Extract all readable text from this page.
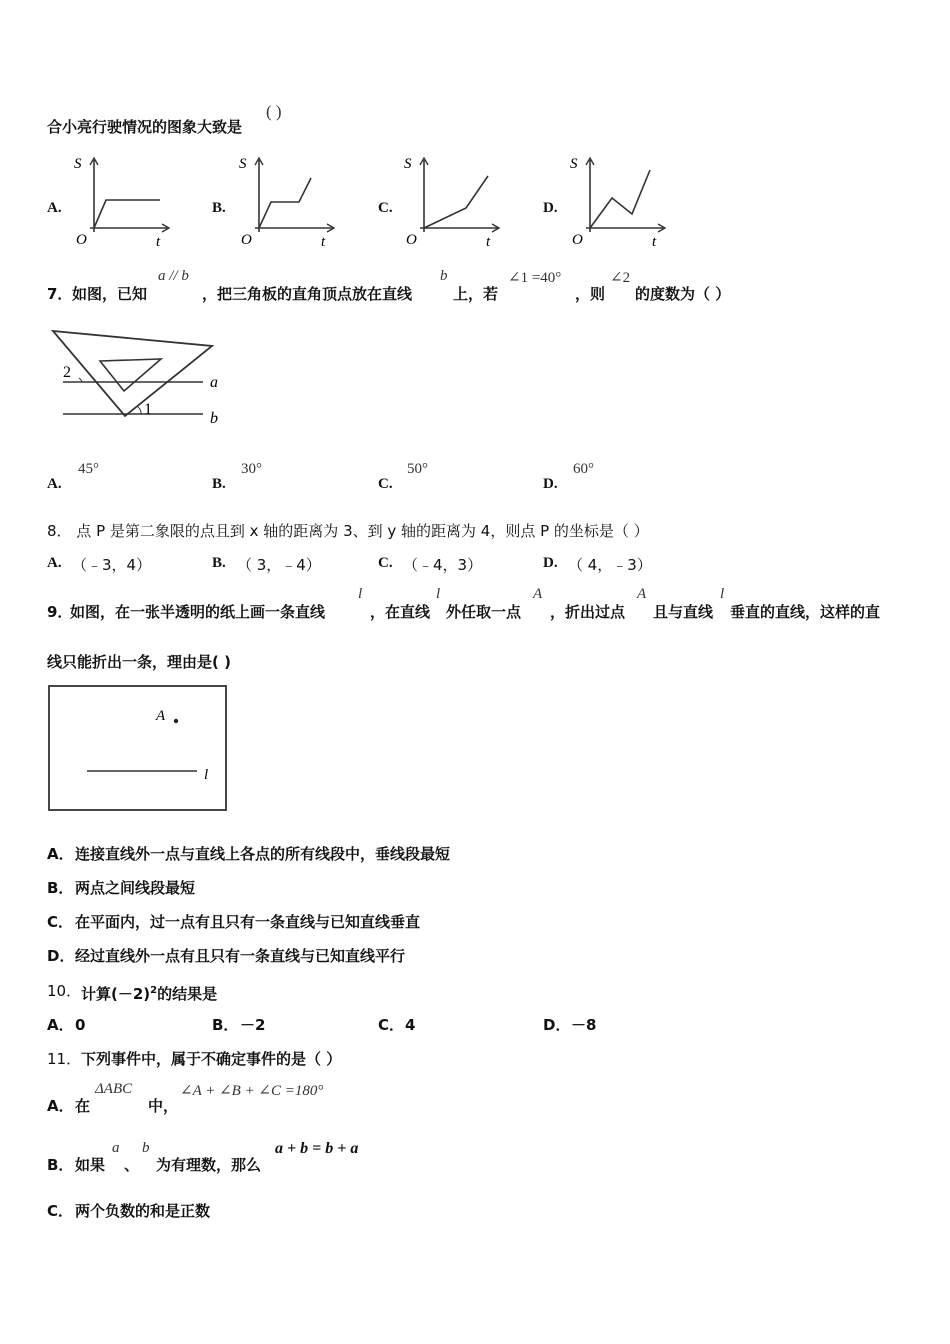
合小亮行驶情况的图象大致是
( )
A.	B.	C.	D.
S
t
O
S
t
O
S
t
O
S
t
O
7． 如图，已知
a // b
，把三角板的直角顶点放在直线
b
上，若
∠1 =40°
，则
∠2
的度数为（ ）
2
1
a
b
A.
45°
B.
30°
C.
50°
D.
60°
8． 点 P 是第二象限的点且到 x 轴的距离为 3、到 y 轴的距离为 4，则点 P 的坐标是（ ）
A. （﹣3，4）	B. （ 3，﹣4）	C. （﹣4，3）	D. （ 4，﹣3）
9．
如图，在一张半透明的纸上画一条直线
l
，在直线
l
外任取一点
A
，折出过点
A
且与直线
l
垂直的直线，这样的直
线只能折出一条，理由是( )
A
l
A． 连接直线外一点与直线上各点的所有线段中，垂线段最短
B． 两点之间线段最短
C． 在平面内，过一点有且只有一条直线与已知直线垂直
D． 经过直线外一点有且只有一条直线与已知直线平行
10． 计算$(-2)^2$的结果是
A． 0	B． －2	C． 4	D． －8
11． 下列事件中，属于不确定事件的是（ ）
A． 在
ΔABC
中，
∠A + ∠B + ∠C =180°
B． 如果
a
、
b
为有理数，那么
a + b = b + a
C． 两个负数的和是正数
